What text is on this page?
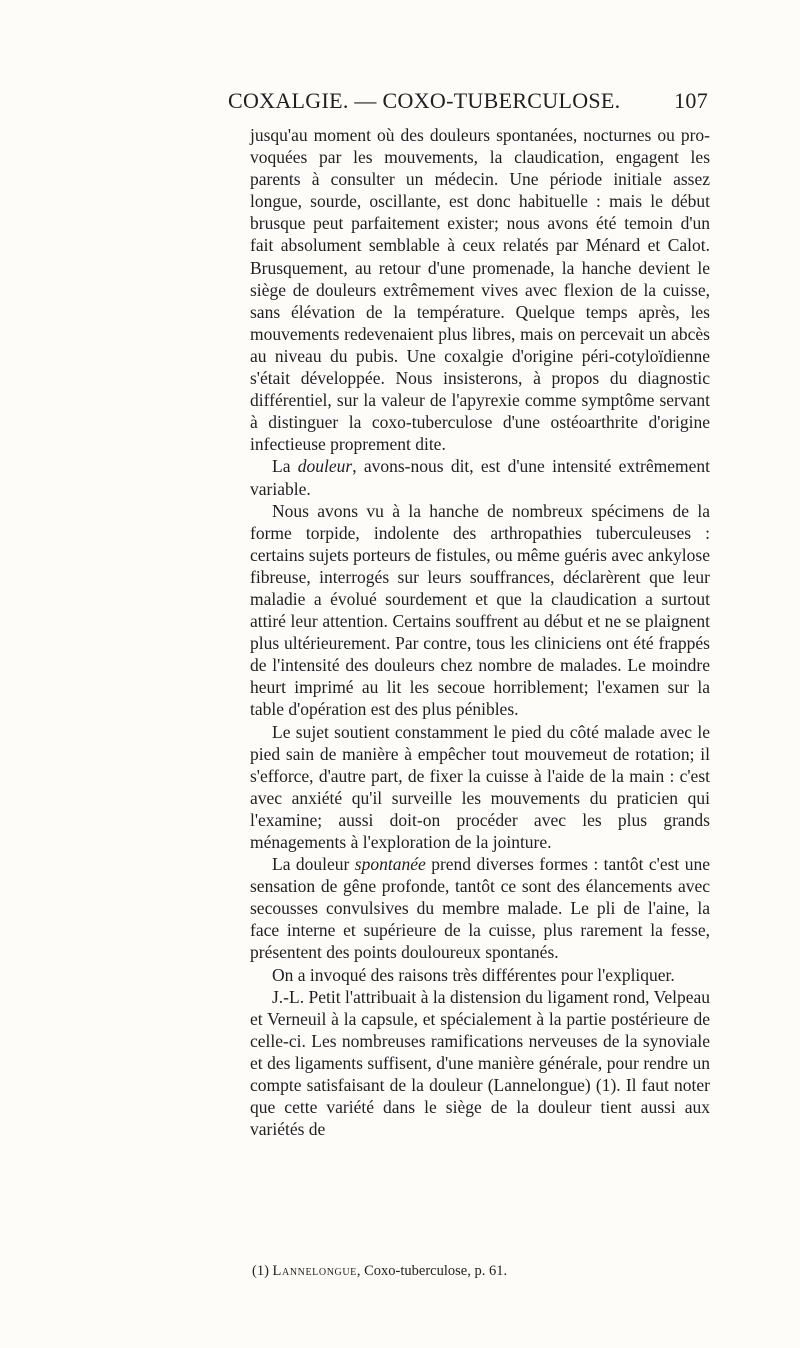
COXALGIE. — COXO-TUBERCULOSE. 107

jusqu'au moment où des douleurs spontanées, nocturnes ou pro-voquées par les mouvements, la claudication, engagent les parents à consulter un médecin. Une période initiale assez longue, sourde, oscillante, est donc habituelle : mais le début brusque peut parfaitement exister; nous avons été temoin d'un fait absolument semblable à ceux relatés par Ménard et Calot. Brusquement, au retour d'une promenade, la hanche devient le siège de douleurs extrêmement vives avec flexion de la cuisse, sans élévation de la température. Quelque temps après, les mouvements redevenaient plus libres, mais on percevait un abcès au niveau du pubis. Une coxalgie d'origine péri-cotyloïdienne s'était développée. Nous insisterons, à propos du diagnostic différentiel, sur la valeur de l'apyrexie comme symptôme servant à distinguer la coxo-tuberculose d'une ostéoarthrite d'origine infectieuse proprement dite.

La douleur, avons-nous dit, est d'une intensité extrêmement variable.

Nous avons vu à la hanche de nombreux spécimens de la forme torpide, indolente des arthropathies tuberculeuses : certains sujets porteurs de fistules, ou même guéris avec ankylose fibreuse, interrogés sur leurs souffrances, déclarèrent que leur maladie a évolué sourdement et que la claudication a surtout attiré leur attention. Certains souffrent au début et ne se plaignent plus ultérieurement. Par contre, tous les cliniciens ont été frappés de l'intensité des douleurs chez nombre de malades. Le moindre heurt imprimé au lit les secoue horriblement; l'examen sur la table d'opération est des plus pénibles.

Le sujet soutient constamment le pied du côté malade avec le pied sain de manière à empêcher tout mouvemeut de rotation; il s'efforce, d'autre part, de fixer la cuisse à l'aide de la main : c'est avec anxiété qu'il surveille les mouvements du praticien qui l'examine; aussi doit-on procéder avec les plus grands ménagements à l'exploration de la jointure.

La douleur spontanée prend diverses formes : tantôt c'est une sensation de gêne profonde, tantôt ce sont des élancements avec secousses convulsives du membre malade. Le pli de l'aine, la face interne et supérieure de la cuisse, plus rarement la fesse, présentent des points douloureux spontanés.

On a invoqué des raisons très différentes pour l'expliquer.

J.-L. Petit l'attribuait à la distension du ligament rond, Velpeau et Verneuil à la capsule, et spécialement à la partie postérieure de celle-ci. Les nombreuses ramifications nerveuses de la synoviale et des ligaments suffisent, d'une manière générale, pour rendre un compte satisfaisant de la douleur (Lannelongue) (1). Il faut noter que cette variété dans le siège de la douleur tient aussi aux variétés de

(1) Lannelongue, Coxo-tuberculose, p. 61.
